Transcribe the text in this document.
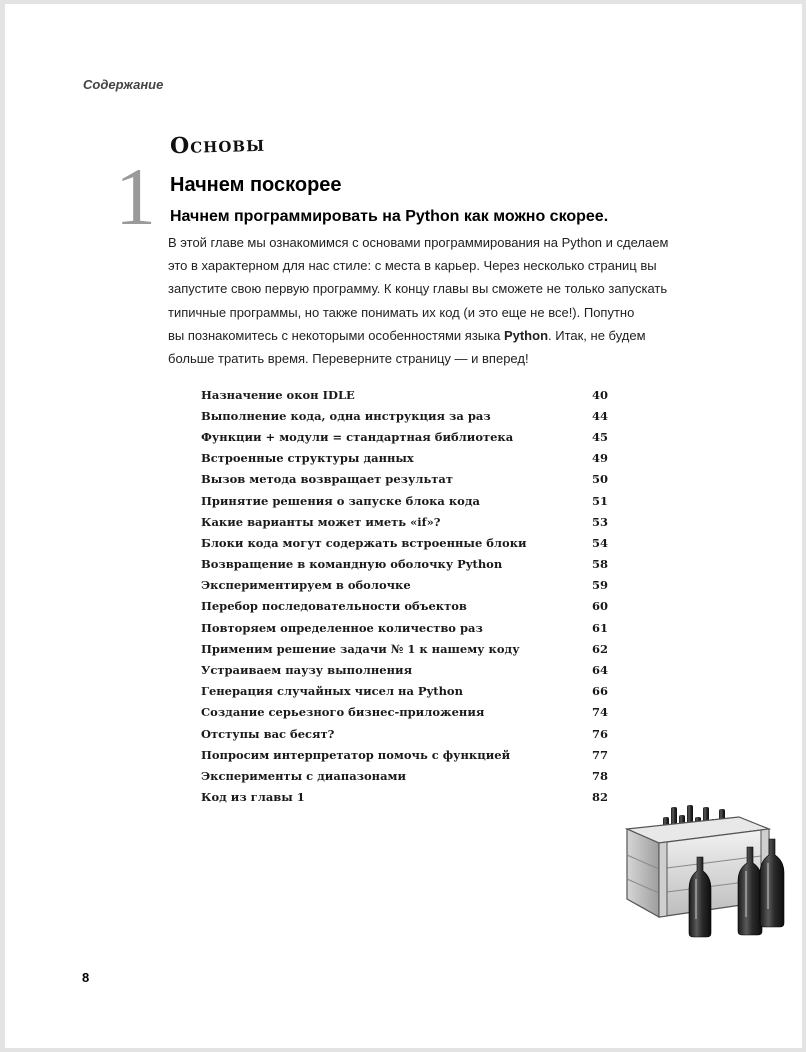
Содержание
1
Основы
Начнем поскорее
Начнем программировать на Python как можно скорее.

В этой главе мы ознакомимся с основами программирования на Python и сделаем
это в характерном для нас стиле: с места в карьер. Через несколько страниц вы
запустите свою первую программу. К концу главы вы сможете не только запускать
типичные программы, но также понимать их код (и это еще не все!). Попутно
вы познакомитесь с некоторыми особенностями языка Python. Итак, не будем
больше тратить время. Переверните страницу — и вперед!

Назначение окон IDLE	40
Выполнение кода, одна инструкция за раз	44
Функции + модули = стандартная библиотека	45
Встроенные структуры данных	49
Вызов метода возвращает результат	50
Принятие решения о запуске блока кода	51
Какие варианты может иметь «if»?	53
Блоки кода могут содержать встроенные блоки	54
Возвращение в командную оболочку Python	58
Экспериментируем в оболочке	59
Перебор последовательности объектов	60
Повторяем определенное количество раз	61
Применим решение задачи № 1 к нашему коду	62
Устраиваем паузу выполнения	64
Генерация случайных чисел на Python	66
Создание серьезного бизнес-приложения	74
Отступы вас бесят?	76
Попросим интерпретатор помочь с функцией	77
Эксперименты с диапазонами	78
Код из главы 1	82
8
